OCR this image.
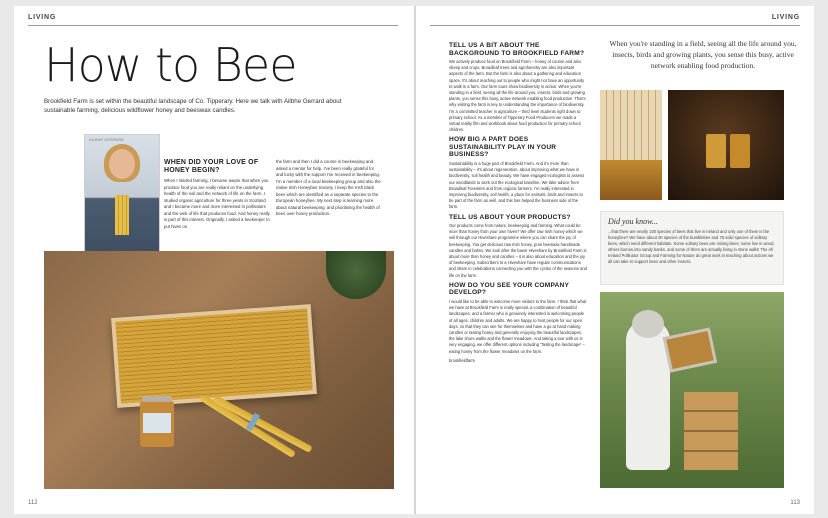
LIVING
How to Bee
Brookfield Farm is set within the beautiful landscape of Co. Tipperary. Here we talk with Ailbhe Gerrard about sustainable farming, delicious wildflower honey and beeswax candles.
AILBHE GERRARD
WHEN DID YOUR LOVE OF HONEY BEGIN?

When I started farming, I became aware that when you produce food you are really reliant on the underlying health of the soil and the network of life on the farm. I studied organic agriculture for three years in Scotland and I became more and more interested in pollinators and the web of life that produces food. And honey really is part of this interest. Originally, I asked a beekeeper to put hives on

the farm and then I did a course in beekeeping and asked a mentor for help. I've been really grateful for and lucky with the support I've received in beekeeping. I'm a member of a local beekeeping group and also the native Irish Honeybee Society. I keep the Irish black bees which are identified as a separate species to the European honeybee. My next step is learning more about natural beekeeping, and prioritising the health of bees over honey production.

112
LIVING
TELL US A BIT ABOUT THE BACKGROUND TO BROOKFIELD FARM?

We actively produce food on Brookfield Farm – honey of course and also sheep and crops. Broadleaf trees and agroforestry are also important aspects of the farm. But the farm is also about a gathering and education space. It's about reaching out to people who might not have an opportunity to walk in a farm. Our farm tours show biodiversity in action. When you're standing in a field, seeing all the life around you, insects, birds and growing plants, you sense this busy, active network enabling food production. That's why visiting the farm is key to understanding the importance of biodiversity. I'm a committed teacher in agriculture – third level students right down to primary school. As a member of Tipperary Food Producers we made a virtual reality film and workbook about food production for primary school children.

HOW BIG A PART DOES SUSTAINABILITY PLAY IN YOUR BUSINESS?

Sustainability is a huge part of Brookfield Farm. And it's more than sustainability – it's about regeneration, about improving what we have in biodiversity, soil health and beauty. We have engaged ecologists to assess our woodlands to work out the ecological baseline. We take advice from Broadleaf Foresters and from organic farmers. I'm really interested in improving biodiversity, soil health, a place for animals, birds and insects to be part of the farm as well, and this has helped the business side of the farm.

TELL US ABOUT YOUR PRODUCTS?

Our products come from nature, beekeeping and farming. What could be nicer than honey from your own hives? We offer raw Irish honey which we sell through our Hiveshare programme where you can share the joy of beekeeping. You get delicious raw Irish honey, pure beeswax handmade candles and balms. We look after the bees! Hiveshare by Brookfield Farm is about more than honey and candles – it is also about education and the joy of beekeeping. Subscribers to a Hiveshare have regular communications and share in celebrations connecting you with the cycles of the seasons and life on the farm.

HOW DO YOU SEE YOUR COMPANY DEVELOP?

I would like to be able to welcome more visitors to the farm. I think that what we have at Brookfield Farm is really special, a combination of beautiful landscapes, and a farmer who is genuinely interested in welcoming people of all ages, children and adults. We are happy to host people for our open days, so that they can see for themselves and have a go at hand making candles or tasting honey and generally enjoying the beautiful landscapes, the lake shore walks and the flower meadows. And taking a tour with us is very engaging, we offer different options including 'Tasting the landscape' – eating honey from the flower meadows on the farm.

brookfieldfarm

When you're standing in a field, seeing all the life around you, insects, birds and growing plants, you sense this busy, active network enabling food production.
Did you know...
...that there are nearly 100 species of bees that live in Ireland and only one of them is the honeybee? We have about 20 species of the bumblebee and 78 solid species of solitary bees, which need different habitats. Some solitary bees are mining bees; some live in wood, others burrow into sandy banks, and some of them are actually living in stone walls! The All Ireland Pollinator Group and Farming for Nature do great work in teaching about actions we all can take to support bees and other insects.
113
